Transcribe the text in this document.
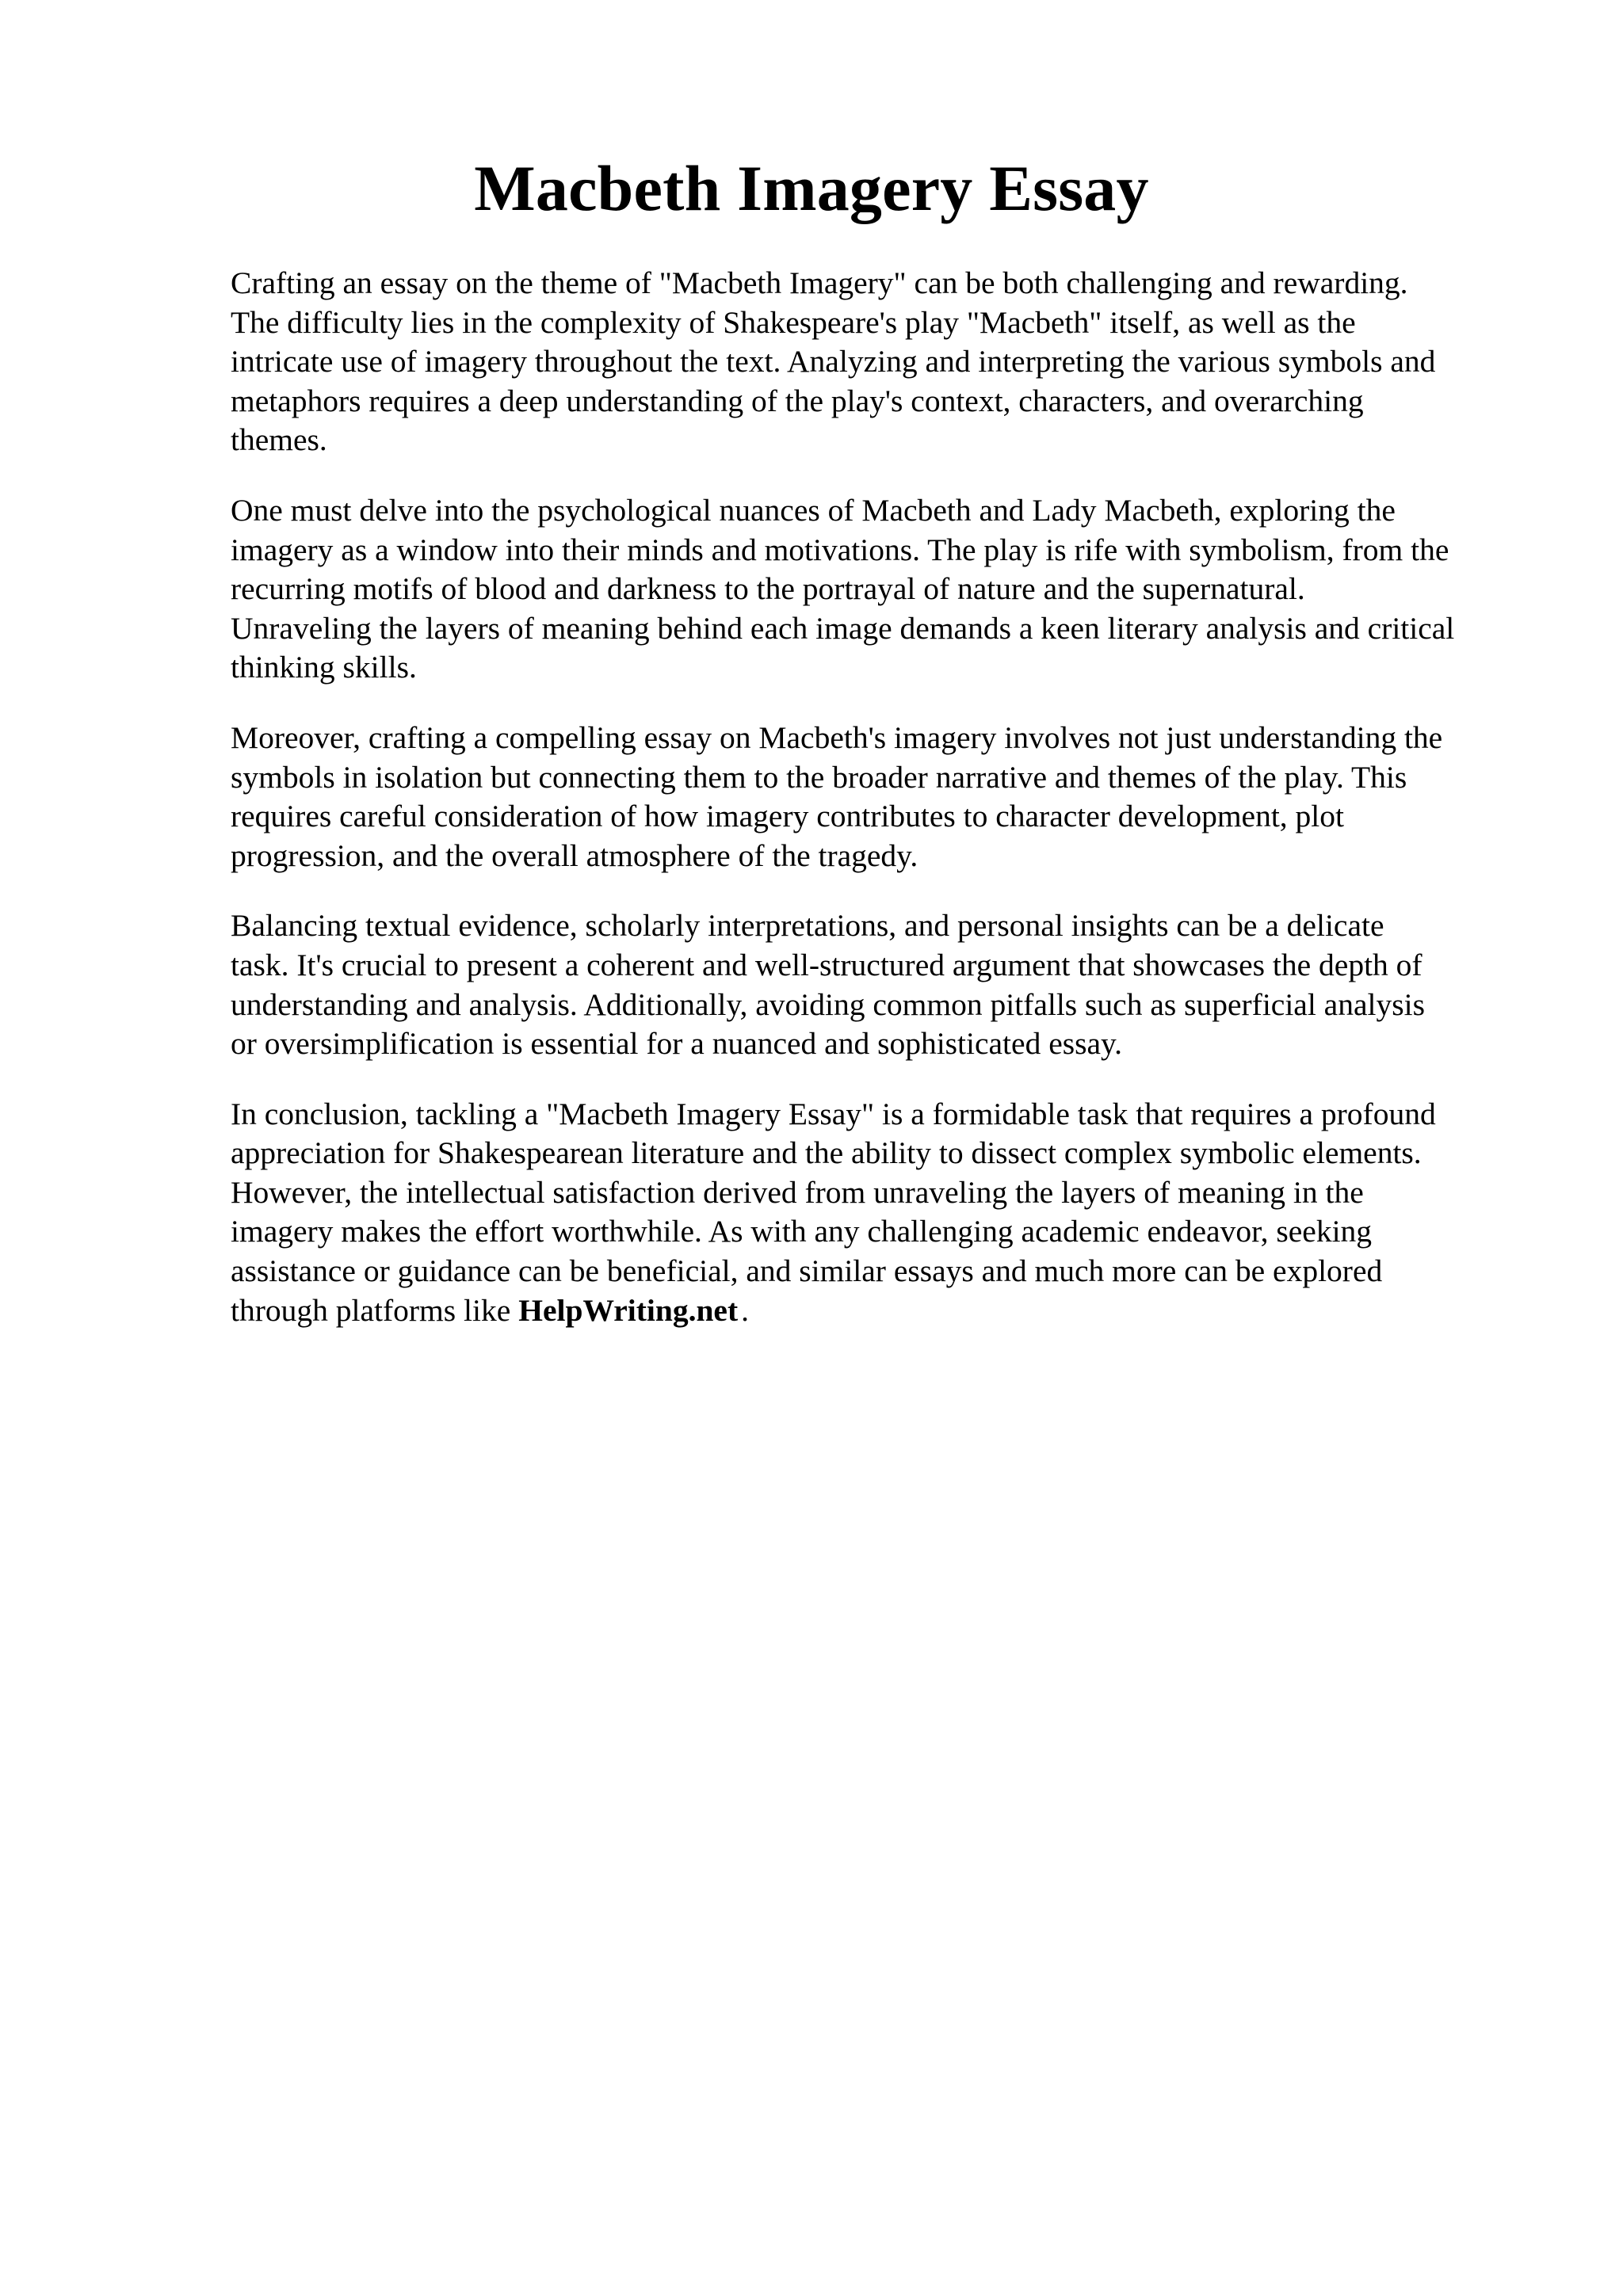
Macbeth Imagery Essay

Crafting an essay on the theme of "Macbeth Imagery" can be both challenging and rewarding.
The difficulty lies in the complexity of Shakespeare's play "Macbeth" itself, as well as the
intricate use of imagery throughout the text. Analyzing and interpreting the various symbols and
metaphors requires a deep understanding of the play's context, characters, and overarching
themes.

One must delve into the psychological nuances of Macbeth and Lady Macbeth, exploring the
imagery as a window into their minds and motivations. The play is rife with symbolism, from the
recurring motifs of blood and darkness to the portrayal of nature and the supernatural.
Unraveling the layers of meaning behind each image demands a keen literary analysis and critical
thinking skills.

Moreover, crafting a compelling essay on Macbeth's imagery involves not just understanding the
symbols in isolation but connecting them to the broader narrative and themes of the play. This
requires careful consideration of how imagery contributes to character development, plot
progression, and the overall atmosphere of the tragedy.

Balancing textual evidence, scholarly interpretations, and personal insights can be a delicate
task. It's crucial to present a coherent and well-structured argument that showcases the depth of
understanding and analysis. Additionally, avoiding common pitfalls such as superficial analysis
or oversimplification is essential for a nuanced and sophisticated essay.

In conclusion, tackling a "Macbeth Imagery Essay" is a formidable task that requires a profound
appreciation for Shakespearean literature and the ability to dissect complex symbolic elements.
However, the intellectual satisfaction derived from unraveling the layers of meaning in the
imagery makes the effort worthwhile. As with any challenging academic endeavor, seeking
assistance or guidance can be beneficial, and similar essays and much more can be explored
through platforms like HelpWriting.net .
